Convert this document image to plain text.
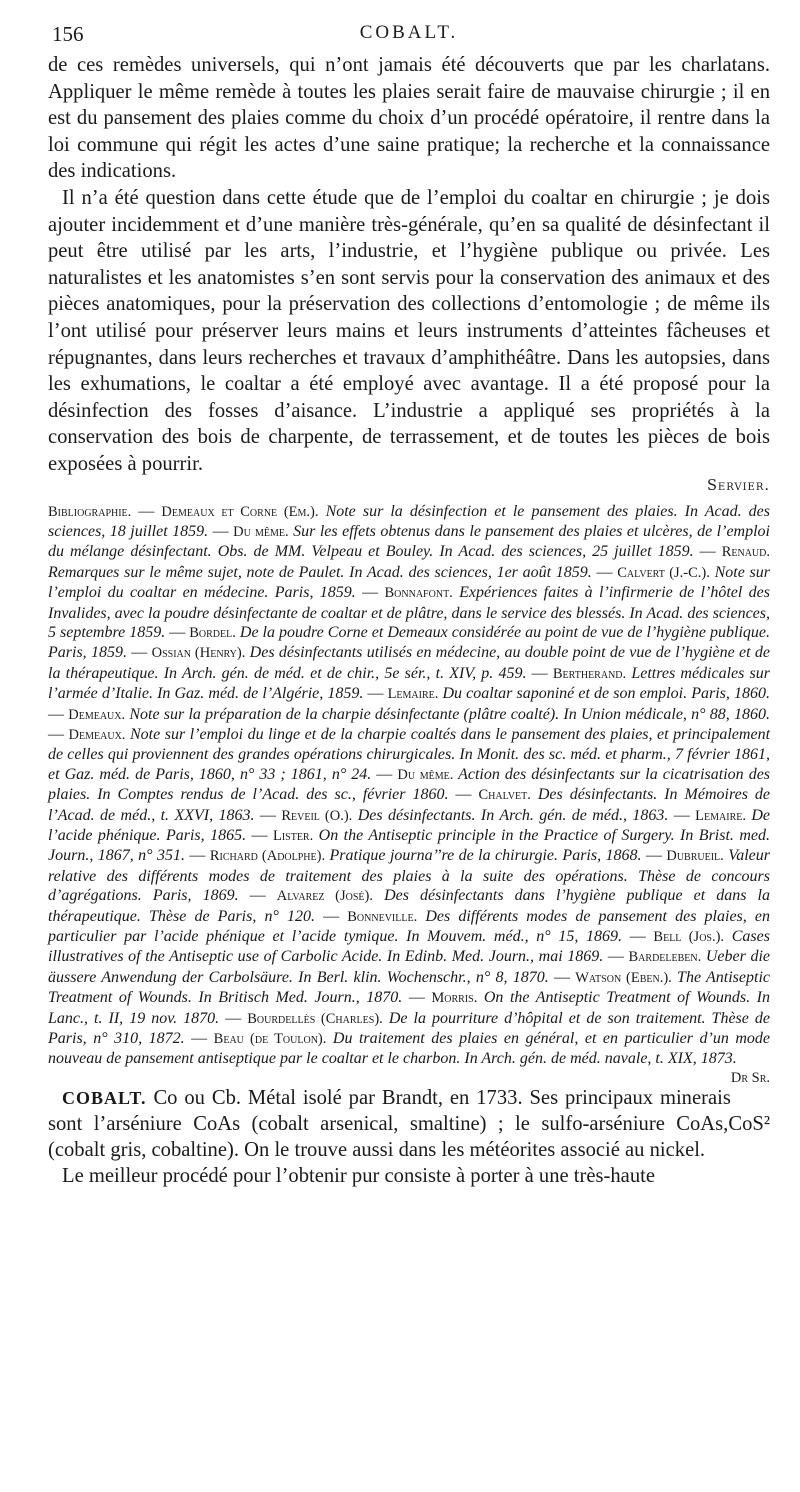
156	COBALT.

de ces remèdes universels, qui n’ont jamais été découverts que par les charlatans. Appliquer le même remède à toutes les plaies serait faire de mauvaise chirurgie ; il en est du pansement des plaies comme du choix d’un procédé opératoire, il rentre dans la loi commune qui régit les actes d’une saine pratique; la recherche et la connaissance des indications.

Il n’a été question dans cette étude que de l’emploi du coaltar en chirurgie ; je dois ajouter incidemment et d’une manière très-générale, qu’en sa qualité de désinfectant il peut être utilisé par les arts, l’industrie, et l’hygiène publique ou privée. Les naturalistes et les anatomistes s’en sont servis pour la conservation des animaux et des pièces anatomiques, pour la préservation des collections d’entomologie ; de même ils l’ont utilisé pour préserver leurs mains et leurs instruments d’atteintes fâcheuses et répugnantes, dans leurs recherches et travaux d’amphithéâtre. Dans les autopsies, dans les exhumations, le coaltar a été employé avec avantage. Il a été proposé pour la désinfection des fosses d’aisance. L’industrie a appliqué ses propriétés à la conservation des bois de charpente, de terrassement, et de toutes les pièces de bois exposées à pourrir.

Servier.

Bibliographie. — Demeaux et Corne (Em.). Note sur la désinfection et le pansement des plaies. In Acad. des sciences, 18 juillet 1859. — Du même. Sur les effets obtenus dans le pansement des plaies et ulcères, de l’emploi du mélange désinfectant. Obs. de MM. Velpeau et Bouley. In Acad. des sciences, 25 juillet 1859. — Renaud. Remarques sur le même sujet, note de Paulet. In Acad. des sciences, 1er août 1859. — Calvert (J.-C.). Note sur l’emploi du coaltar en médecine. Paris, 1859. — Bonnafont. Expériences faites à l’infirmerie de l’hôtel des Invalides, avec la poudre désinfectante de coaltar et de plâtre, dans le service des blessés. In Acad. des sciences, 5 septembre 1859. — Bordel. De la poudre Corne et Demeaux considérée au point de vue de l’hygiène publique. Paris, 1859. — Ossian (Henry). Des désinfectants utilisés en médecine, au double point de vue de l’hygiène et de la thérapeutique. In Arch. gén. de méd. et de chir., 5e sér., t. XIV, p. 459. — Bertherand. Lettres médicales sur l’armée d’Italie. In Gaz. méd. de l’Algérie, 1859. — Lemaire. Du coaltar saponiné et de son emploi. Paris, 1860. — Demeaux. Note sur la préparation de la charpie désinfectante (plâtre coalté). In Union médicale, n° 88, 1860. — Demeaux. Note sur l’emploi du linge et de la charpie coaltés dans le pansement des plaies, et principalement de celles qui proviennent des grandes opérations chirurgicales. In Monit. des sc. méd. et pharm., 7 février 1861, et Gaz. méd. de Paris, 1860, n° 33 ; 1861, n° 24. — Du même. Action des désinfectants sur la cicatrisation des plaies. In Comptes rendus de l’Acad. des sc., février 1860. — Chalvet. Des désinfectants. In Mémoires de l’Acad. de méd., t. XXVI, 1863. — Reveil (O.). Des désinfectants. In Arch. gén. de méd., 1863. — Lemaire. De l’acide phénique. Paris, 1865. — Lister. On the Antiseptic principle in the Practice of Surgery. In Brist. med. Journ., 1867, n° 351. — Richard (Adolphe). Pratique journa’’re de la chirurgie. Paris, 1868. — Dubrueil. Valeur relative des différents modes de traitement des plaies à la suite des opérations. Thèse de concours d’agrégations. Paris, 1869. — Alvarez (José). Des désinfectants dans l’hygiène publique et dans la thérapeutique. Thèse de Paris, n° 120. — Bonneville. Des différents modes de pansement des plaies, en particulier par l’acide phénique et l’acide tymique. In Mouvem. méd., n° 15, 1869. — Bell (Jos.). Cases illustratives of the Antiseptic use of Carbolic Acide. In Edinb. Med. Journ., mai 1869. — Bardeleben. Ueber die äussere Anwendung der Carbolsäure. In Berl. klin. Wochenschr., n° 8, 1870. — Watson (Eben.). The Antiseptic Treatment of Wounds. In Britisch Med. Journ., 1870. — Morris. On the Antiseptic Treatment of Wounds. In Lanc., t. II, 19 nov. 1870. — Bourdellès (Charles). De la pourriture d’hôpital et de son traitement. Thèse de Paris, n° 310, 1872. — Beau (de Toulon). Du traitement des plaies en général, et en particulier d’un mode nouveau de pansement antiseptique par le coaltar et le charbon. In Arch. gén. de méd. navale, t. XIX, 1873.
Dr Sr.

COBALT. Co ou Cb. Métal isolé par Brandt, en 1733. Ses principaux minerais sont l’arséniure CoAs (cobalt arsenical, smaltine) ; le sulfo-arséniure CoAs,CoS² (cobalt gris, cobaltine). On le trouve aussi dans les météorites associé au nickel.

Le meilleur procédé pour l’obtenir pur consiste à porter à une très-haute
